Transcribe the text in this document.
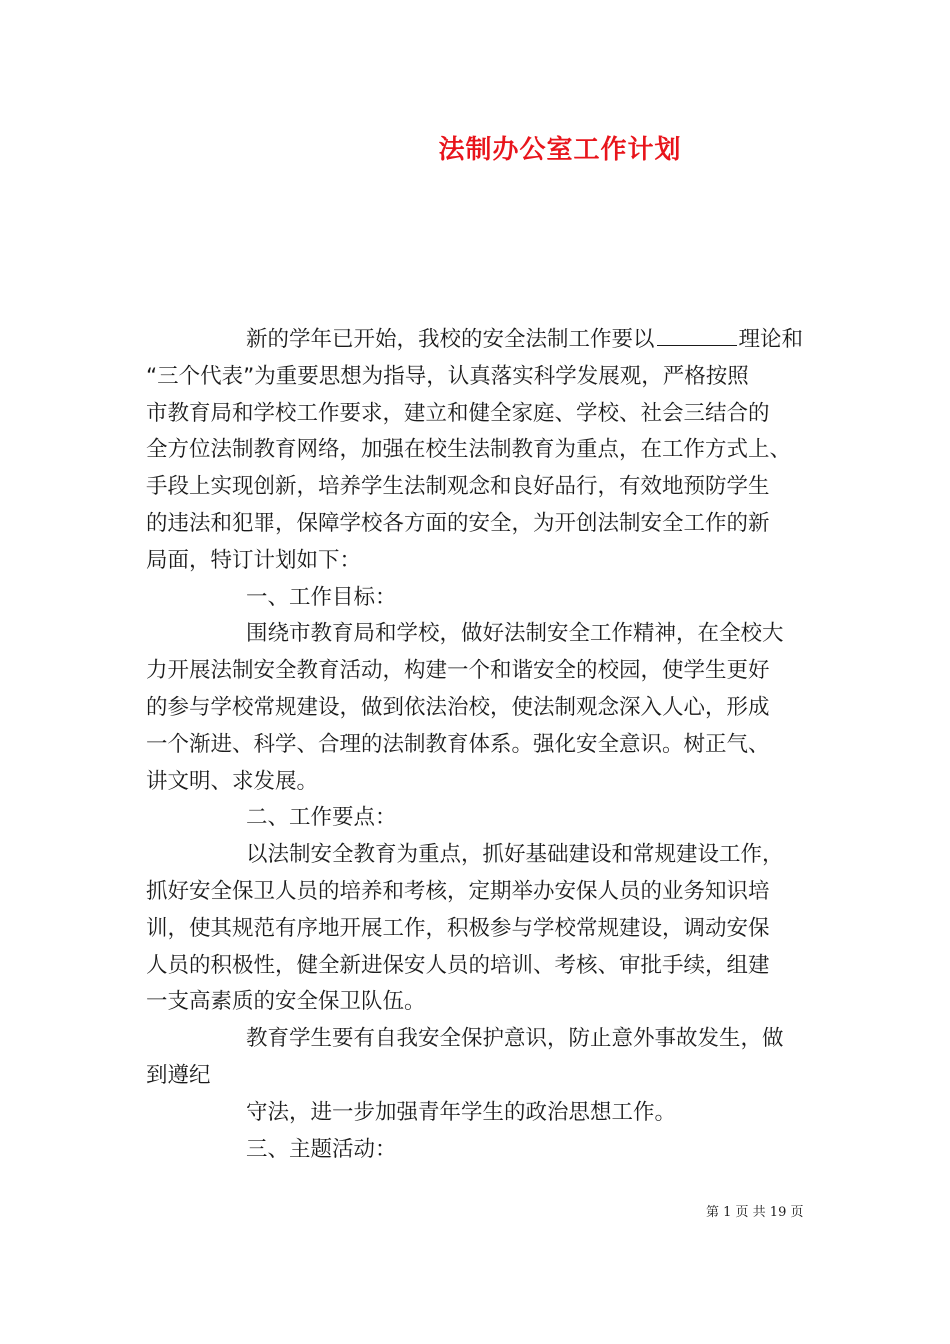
法制办公室工作计划
新的学年已开始，我校的安全法制工作要以	理论和
“三个代表”为重要思想为指导，认真落实科学发展观，严格按照
市教育局和学校工作要求，建立和健全家庭、学校、社会三结合的
全方位法制教育网络，加强在校生法制教育为重点，在工作方式上、
手段上实现创新，培养学生法制观念和良好品行，有效地预防学生
的违法和犯罪，保障学校各方面的安全，为开创法制安全工作的新
局面，特订计划如下：
一、工作目标：
围绕市教育局和学校，做好法制安全工作精神，在全校大
力开展法制安全教育活动，构建一个和谐安全的校园，使学生更好
的参与学校常规建设，做到依法治校，使法制观念深入人心，形成
一个渐进、科学、合理的法制教育体系。强化安全意识。树正气、
讲文明、求发展。
二、工作要点：
以法制安全教育为重点，抓好基础建设和常规建设工作，
抓好安全保卫人员的培养和考核，定期举办安保人员的业务知识培
训，使其规范有序地开展工作，积极参与学校常规建设，调动安保
人员的积极性，健全新进保安人员的培训、考核、审批手续，组建
一支高素质的安全保卫队伍。
教育学生要有自我安全保护意识，防止意外事故发生，做
到遵纪
守法，进一步加强青年学生的政治思想工作。
三、主题活动：
第 1 页 共 19 页
